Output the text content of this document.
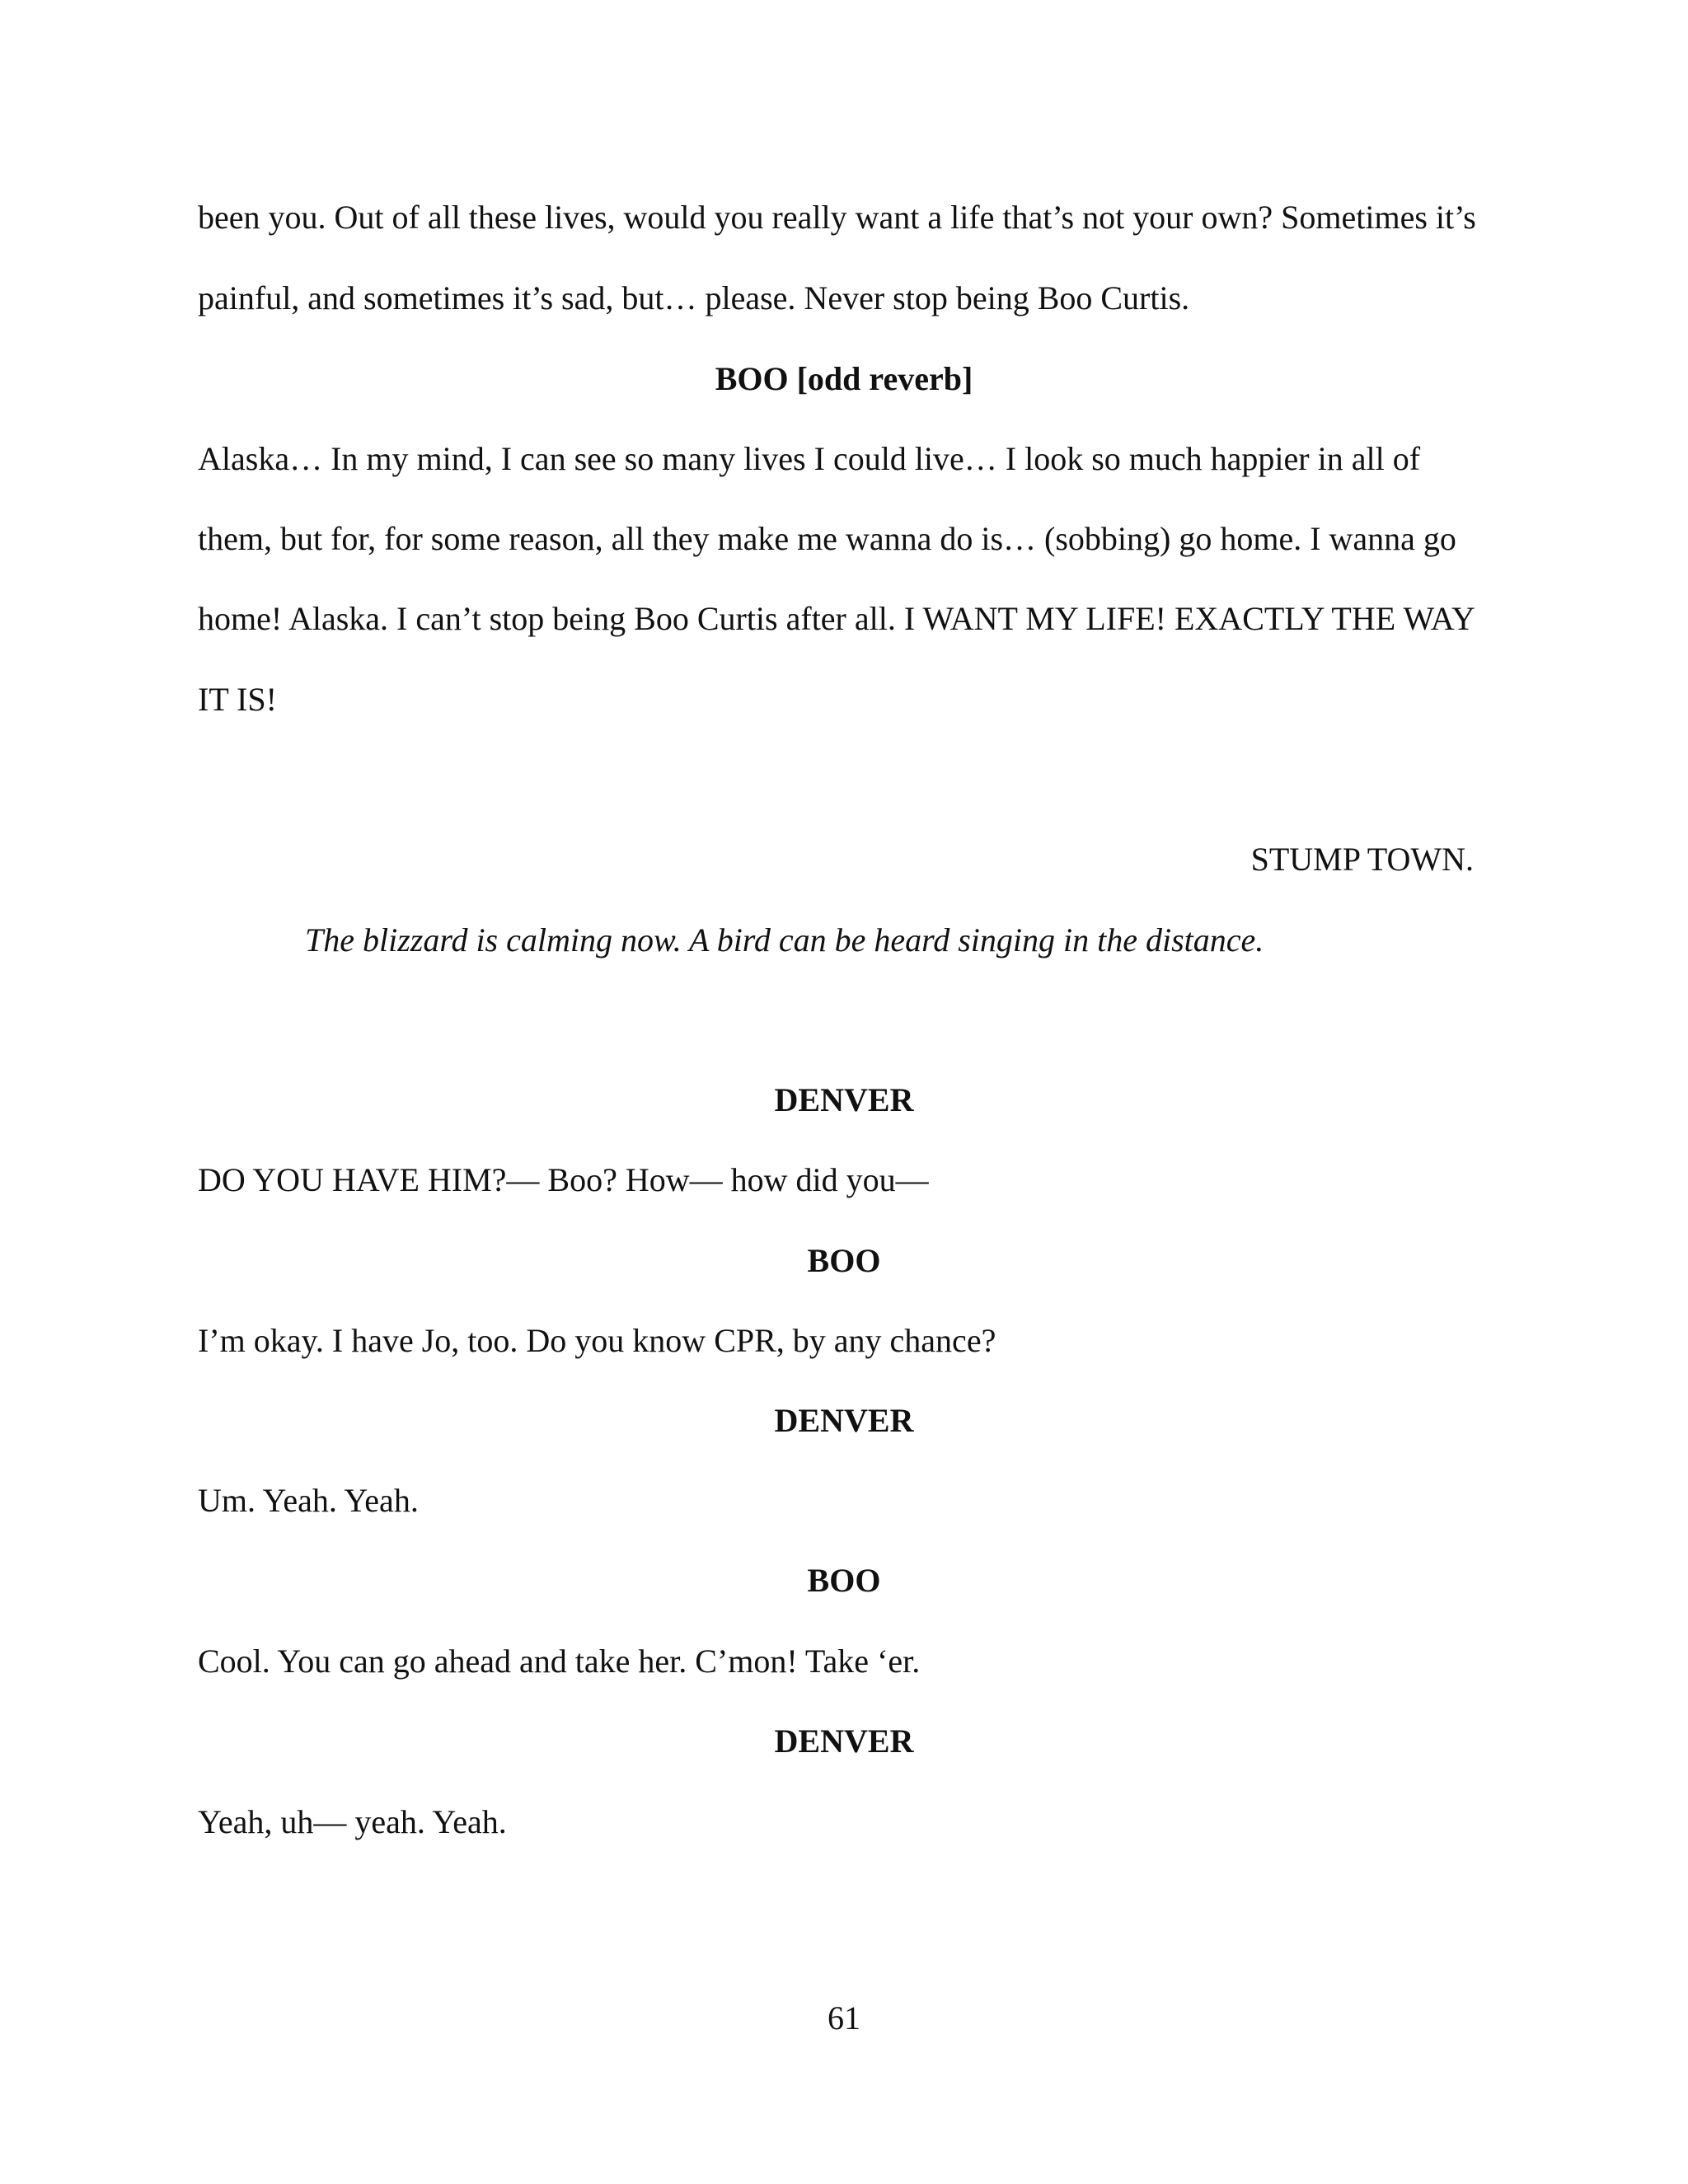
been you. Out of all these lives, would you really want a life that’s not your own? Sometimes it’s
painful, and sometimes it’s sad, but… please. Never stop being Boo Curtis.
BOO [odd reverb]
Alaska… In my mind, I can see so many lives I could live… I look so much happier in all of
them, but for, for some reason, all they make me wanna do is… (sobbing) go home. I wanna go
home! Alaska. I can’t stop being Boo Curtis after all. I WANT MY LIFE! EXACTLY THE WAY
IT IS!
STUMP TOWN.
The blizzard is calming now. A bird can be heard singing in the distance.
DENVER
DO YOU HAVE HIM?— Boo? How— how did you—
BOO
I’m okay. I have Jo, too. Do you know CPR, by any chance?
DENVER
Um. Yeah. Yeah.
BOO
Cool. You can go ahead and take her. C’mon! Take ‘er.
DENVER
Yeah, uh— yeah. Yeah.
61
